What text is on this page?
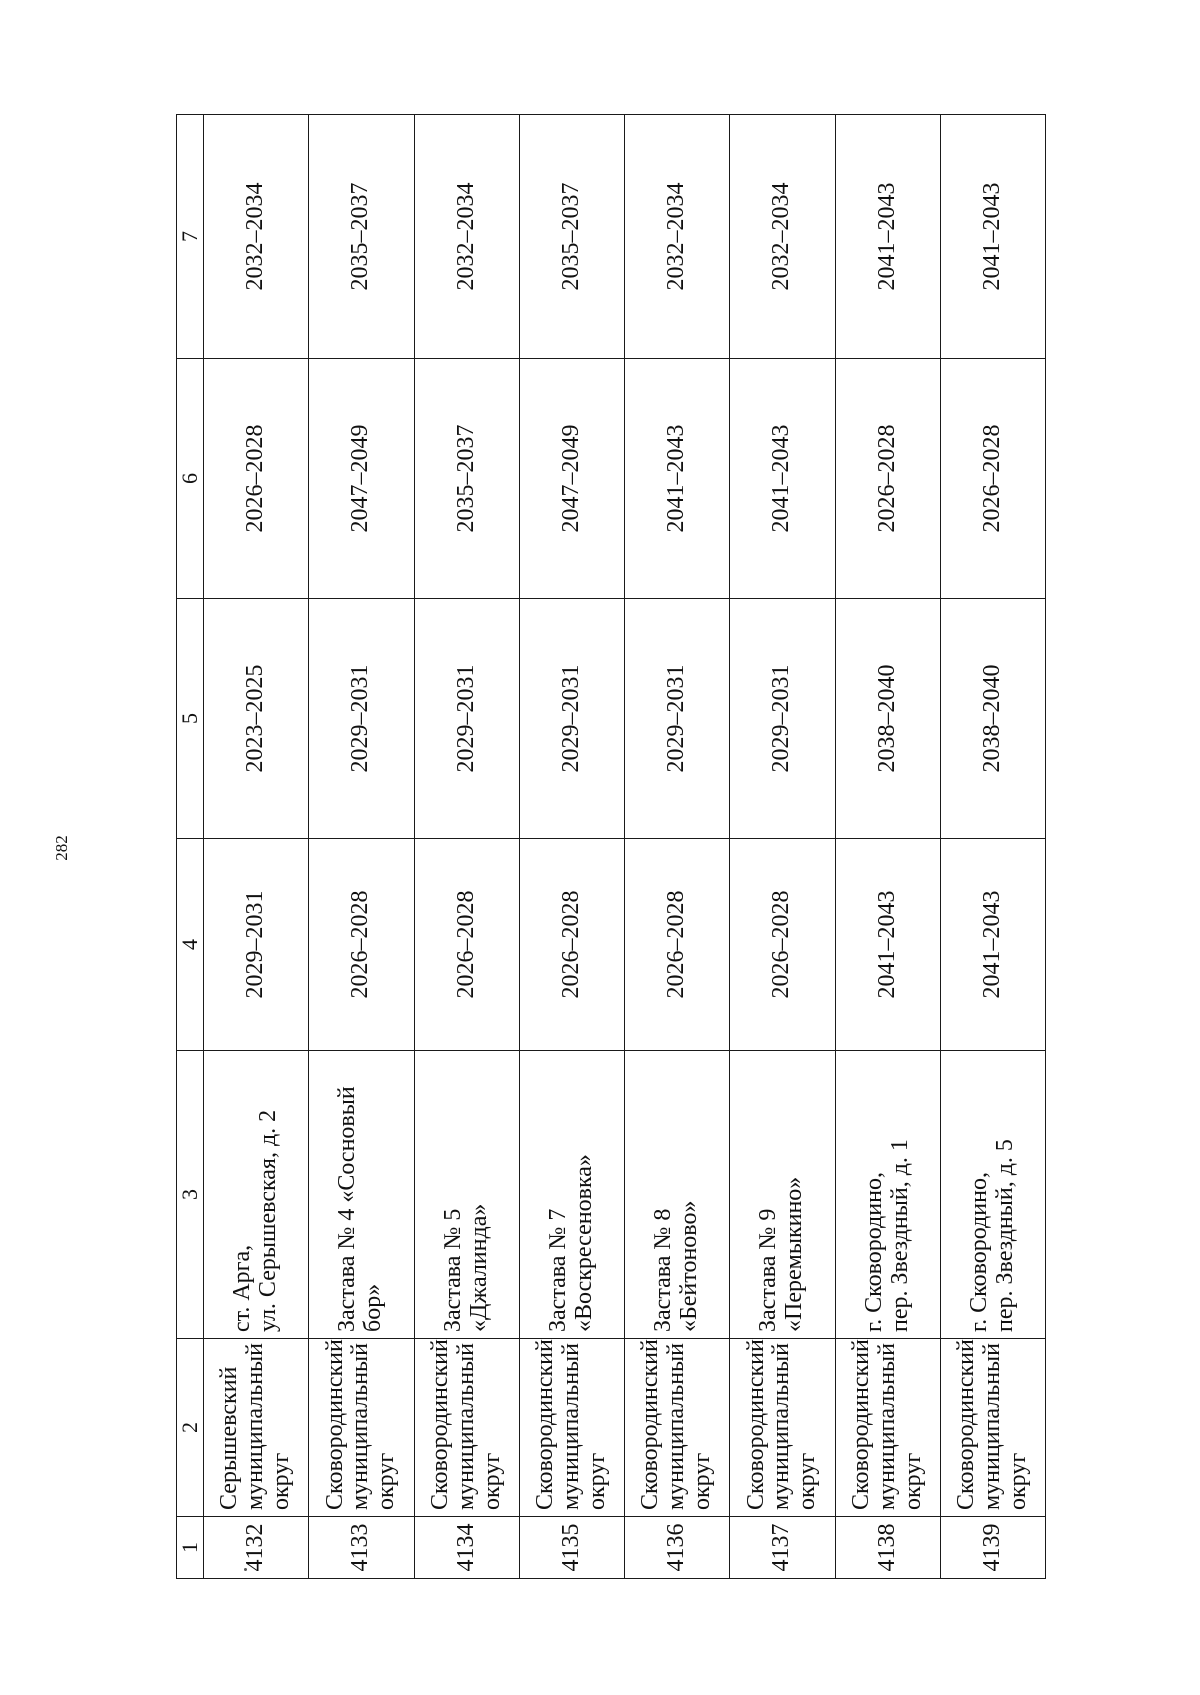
282
1	2	3	4	5	6	7
4132	Серышевский
муниципальный
округ	ст. Арга,
ул. Серышевская, д. 2	2029–2031	2023–2025	2026–2028	2032–2034
4133	Сковородинский
муниципальный
округ	Застава № 4 «Сосновый
бор»	2026–2028	2029–2031	2047–2049	2035–2037
4134	Сковородинский
муниципальный
округ	Застава № 5
«Джалинда»	2026–2028	2029–2031	2035–2037	2032–2034
4135	Сковородинский
муниципальный
округ	Застава № 7
«Воскресеновка»	2026–2028	2029–2031	2047–2049	2035–2037
4136	Сковородинский
муниципальный
округ	Застава № 8
«Бейтоново»	2026–2028	2029–2031	2041–2043	2032–2034
4137	Сковородинский
муниципальный
округ	Застава № 9
«Перемыкино»	2026–2028	2029–2031	2041–2043	2032–2034
4138	Сковородинский
муниципальный
округ	г. Сковородино,
пер. Звездный, д. 1	2041–2043	2038–2040	2026–2028	2041–2043
4139	Сковородинский
муниципальный
округ	г. Сковородино,
пер. Звездный, д. 5	2041–2043	2038–2040	2026–2028	2041–2043
